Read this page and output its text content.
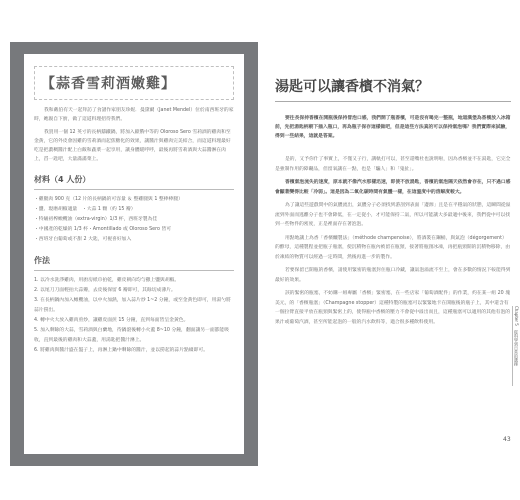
【蒜香雪莉酒嫩雞】

我和戴伯有天一起拜訪了食譜作家朋友珍妮．曼黛爾（Janet Mendel）位於南西班牙的家時，她親自下廚，做了這道料理招待我們。

我買用一個 12 英寸的長柄鑄鐵鍋，將加入歐俄中等的 Oloroso Sero 雪莉酒的雞肉和至金黃，它的外皮會因雞的雪莉酒而起焦糖化的效果，讓醬汁與雞肉完美結合，而這道料理最好吃是把濃稠醬汁配上白飯和蔬菜一起享用，讓身體暖呼呼，最後再將雪莉酒與大蒜醬淋在肉上，舀一匙吧，大量滿滿菜上。

材料（4 人份）

・雞腿肉 900 克（12 片的長柄鍋的可容量 ＆ 整雞腿與 1 整棒棒腿）

・鹽、現磨胡椒適量　・大蒜 1 顆（約 15 瓣）

・特級初榨橄欖油（extra-virgin）1/3 杯，西班牙製為佳

・中國產的乾燥的 1/3 杯・Amontillado 或 Oloroso Sero 皆可

・西班牙白葡萄或不甜 2 大匙，可視喜好加入

作法

1. 以冷水洗淨雞肉，用廚房紙巾拍乾，雞皮朝向均勻撒上鹽與胡椒。

2. 以尾刀刀面輕拍大蒜瓣，去皮後保留 6 瓣即可，其餘切成薄片。

3. 在長柄鍋內加入橄欖油，以中火加熱，加入蒜片炒 1~2 分鐘，或至金黃色即可，用湯勺將蒜片撈出。

4. 轉中火大放入雞肉煎炒，讓雞皮面煎 15 分鐘，直到每面皆呈金黃色。

5. 加入剩餘的大蒜，雪莉酒與白蘭地，待鍋滾後轉小火蓋 8~10 分鐘，翻面讓另一面都能吸收，直到最後的雞肉和大蒜蓋，用湯匙把醬汁淋上。

6. 將雞肉與醬汁盛在盤子上，再淋上鍋中剩餘的醬汁，並以撈起的蒜片點綴即可。

湯匙可以讓香檳不消氣？
要往長保持香檳在開瓶後保持冒泡口感，我們開了瓶香檳，可是沒有喝完一整瓶，地道漢堡為香檳放入冰箱前，先把湯匙柄朝下插入瓶口，再為瓶子保存這樣做吧，但是這些方法真的可以保持氣泡嗎？我們實際來試驗，得到一些結果，這就是答案。

是的，又予你什了事實上，不僅又子行，講軌打可以，甚至還嘴杜也說明啦，因為香檳並不在湯匙，它完全是強制作用的障礙品，但留氧讓在一點，也是「騙人」和「鬼扯」。

香檳氣泡流失的速度，原本就不像汽水那樣迅速，即使不放湯匙，香檳的氣泡隔天依然會存在，只不過口感會顯著變得比較「冷弱」。這是因為二氧化碳時間有氣體一樣，在這溫度中的溶解度較大。

為了讓這些遊戲問中的氣體流出，氣體分子必須找到游剖到表面「邊源」且是在平穩氣的狀態，這瞬間從溢流到外面而逃離分子也不會降低，在一定從小，才可能保持二氣，所以可能讓大多最適中後來，我們從中可以找到一些物件的密度，正是裡面存在著泡泡。

用點地讓上為香「香檳釀製法」（méthode champenoise），將酒裝在鋼桶，與氣泡（dégorgement）的酵母，這種製程並把瓶子瓶塞，使沉積物在瓶內被留在瓶頸，接著將瓶頸冰凍，再把瓶頸開的沉積物移除，由於凍結的物質可以經過一定時間，然後再進一步的製作。

若要保留已開瓶的香檳，請使用緊密的瓶塞封住瓶口冷藏，讓氣泡溢流不至上，會在多數的情況下較能得到最好的效果。

該的緊密的瓶塞，不妨購一組專屬「香檳」緊密塞，在一些店家「葡萄酒配件」的作業，約在某一組 20 塊美元，的「香檳瓶塞」（Champagne stopper）這種特製的瓶塞可以緊緊地卡在開瓶後的瓶子上，其中還含有一個拉臂直接平放在瓶頸與緊密上的，使得瓶中香檳的壓力不會從中溢出而且，這種瓶塞可以適用的其他有泡的果汁或葡萄汽酒，甚至所能起泡的一般的汽水飲料等，適合很多種飲料使用。	Chapter 5　從科學到日常的選擇
43
